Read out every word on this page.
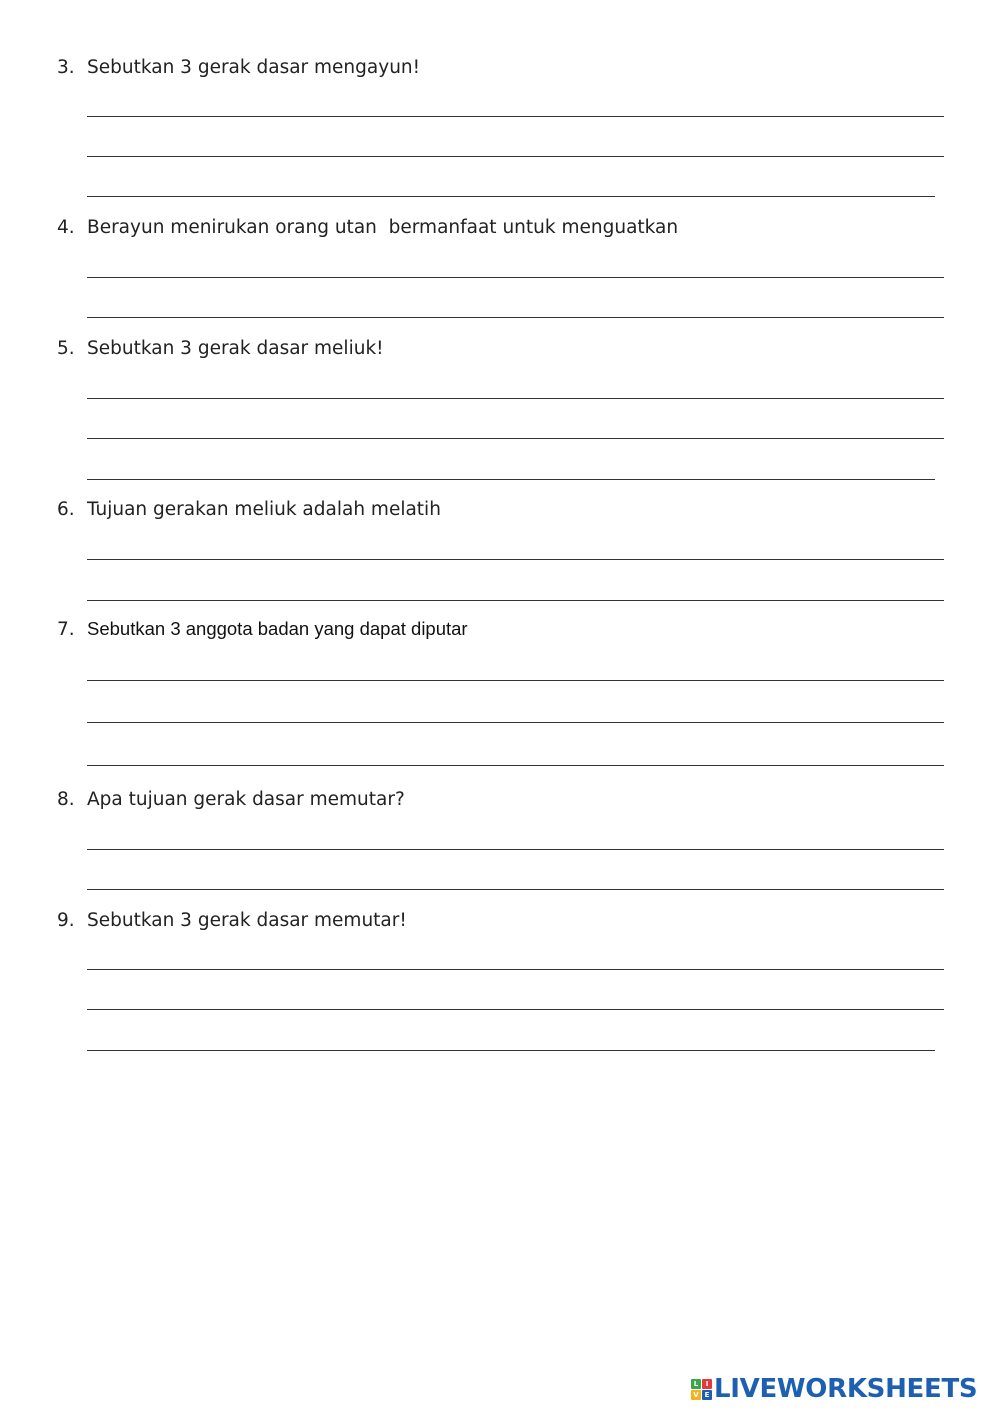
3. Sebutkan 3 gerak dasar mengayun!
4. Berayun menirukan orang utan  bermanfaat untuk menguatkan
5. Sebutkan 3 gerak dasar meliuk!
6. Tujuan gerakan meliuk adalah melatih
7. Sebutkan 3 anggota badan yang dapat diputar
8. Apa tujuan gerak dasar memutar?
9. Sebutkan 3 gerak dasar memutar!
L	I
V E LIVEWORKSHEETS
